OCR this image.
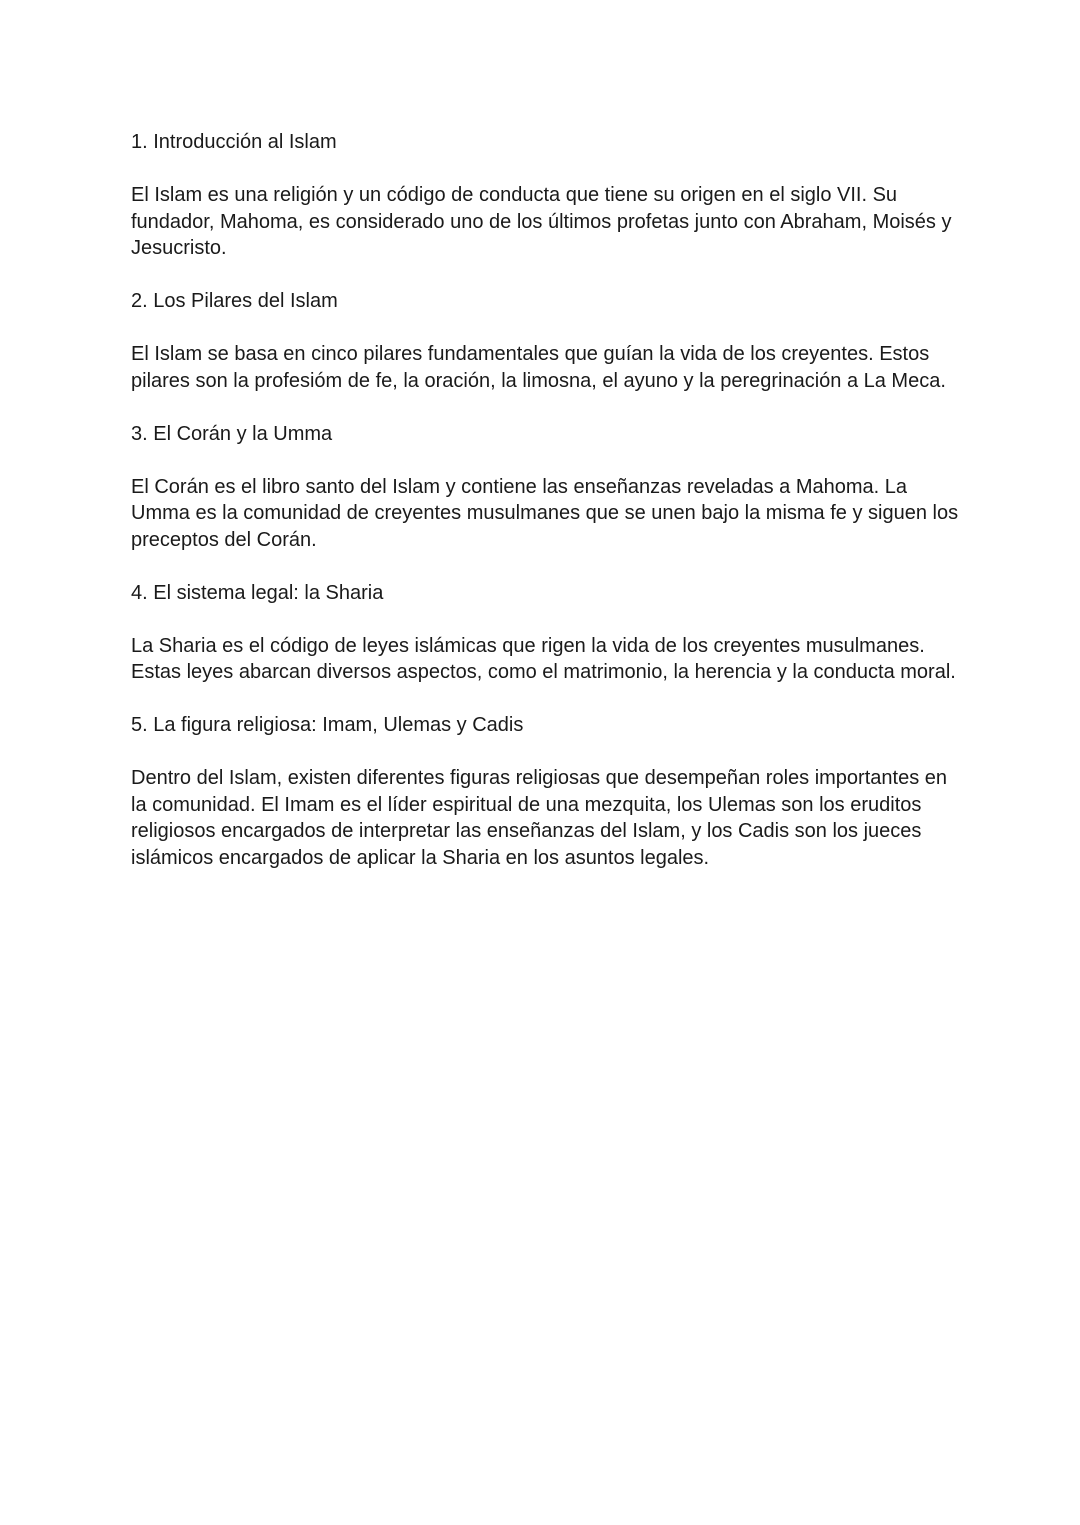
1. Introducción al Islam

El Islam es una religión y un código de conducta que tiene su origen en el siglo VII. Su fundador, Mahoma, es considerado uno de los últimos profetas junto con Abraham, Moisés y Jesucristo.

2. Los Pilares del Islam

El Islam se basa en cinco pilares fundamentales que guían la vida de los creyentes. Estos pilares son la profesióm de fe, la oración, la limosna, el ayuno y la peregrinación a La Meca.

3. El Corán y la Umma

El Corán es el libro santo del Islam y contiene las enseñanzas reveladas a Mahoma. La Umma es la comunidad de creyentes musulmanes que se unen bajo la misma fe y siguen los preceptos del Corán.

4. El sistema legal: la Sharia

La Sharia es el código de leyes islámicas que rigen la vida de los creyentes musulmanes. Estas leyes abarcan diversos aspectos, como el matrimonio, la herencia y la conducta moral.

5. La figura religiosa: Imam, Ulemas y Cadis

Dentro del Islam, existen diferentes figuras religiosas que desempeñan roles importantes en la comunidad. El Imam es el líder espiritual de una mezquita, los Ulemas son los eruditos religiosos encargados de interpretar las enseñanzas del Islam, y los Cadis son los jueces islámicos encargados de aplicar la Sharia en los asuntos legales.
